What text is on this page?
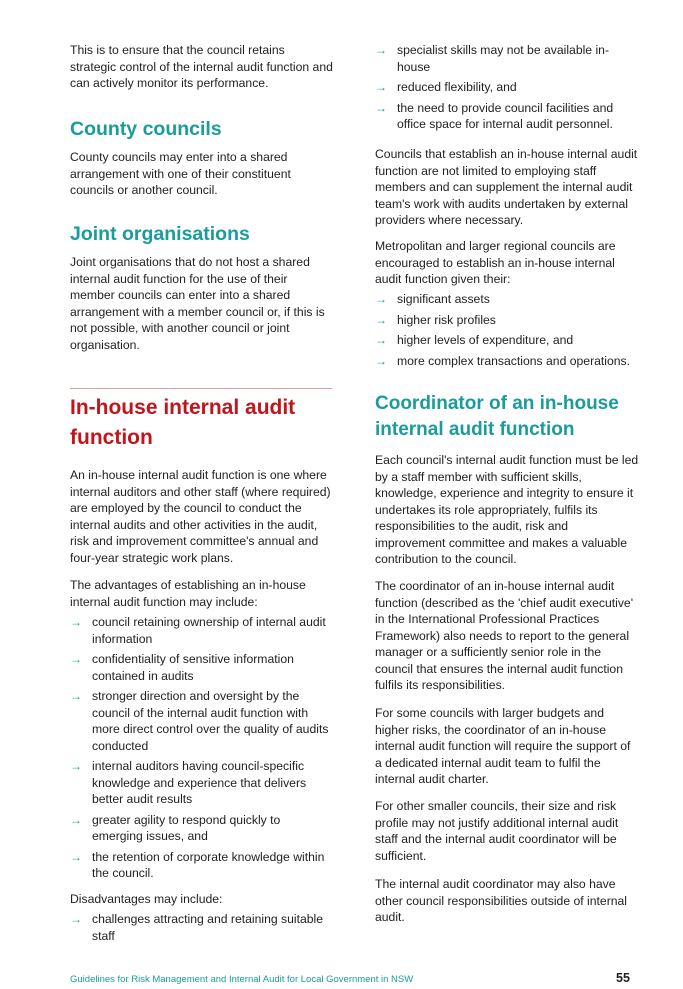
This is to ensure that the council retains strategic control of the internal audit function and can actively monitor its performance.

County councils

County councils may enter into a shared arrangement with one of their constituent councils or another council.

Joint organisations

Joint organisations that do not host a shared internal audit function for the use of their member councils can enter into a shared arrangement with a member council or, if this is not possible, with another council or joint organisation.

In-house internal audit
function

An in-house internal audit function is one where internal auditors and other staff (where required) are employed by the council to conduct the internal audits and other activities in the audit, risk and improvement committee's annual and four-year strategic work plans.

The advantages of establishing an in-house internal audit function may include:

→ council retaining ownership of internal audit information
→ confidentiality of sensitive information contained in audits
→ stronger direction and oversight by the council of the internal audit function with more direct control over the quality of audits conducted
→ internal auditors having council-specific knowledge and experience that delivers better audit results
→ greater agility to respond quickly to emerging issues, and
→ the retention of corporate knowledge within the council.

Disadvantages may include:

→ challenges attracting and retaining suitable staff
→ specialist skills may not be available in-house
→ reduced flexibility, and
→ the need to provide council facilities and office space for internal audit personnel.

Councils that establish an in-house internal audit function are not limited to employing staff members and can supplement the internal audit team's work with audits undertaken by external providers where necessary.

Metropolitan and larger regional councils are encouraged to establish an in-house internal audit function given their:

→ significant assets
→ higher risk profiles
→ higher levels of expenditure, and
→ more complex transactions and operations.
Coordinator of an in-house
internal audit function

Each council's internal audit function must be led by a staff member with sufficient skills, knowledge, experience and integrity to ensure it undertakes its role appropriately, fulfils its responsibilities to the audit, risk and improvement committee and makes a valuable contribution to the council.

The coordinator of an in-house internal audit function (described as the 'chief audit executive' in the International Professional Practices Framework) also needs to report to the general manager or a sufficiently senior role in the council that ensures the internal audit function fulfils its responsibilities.

For some councils with larger budgets and higher risks, the coordinator of an in-house internal audit function will require the support of a dedicated internal audit team to fulfil the internal audit charter.

For other smaller councils, their size and risk profile may not justify additional internal audit staff and the internal audit coordinator will be sufficient.

The internal audit coordinator may also have other council responsibilities outside of internal audit.

Guidelines for Risk Management and Internal Audit for Local Government in NSW	55
